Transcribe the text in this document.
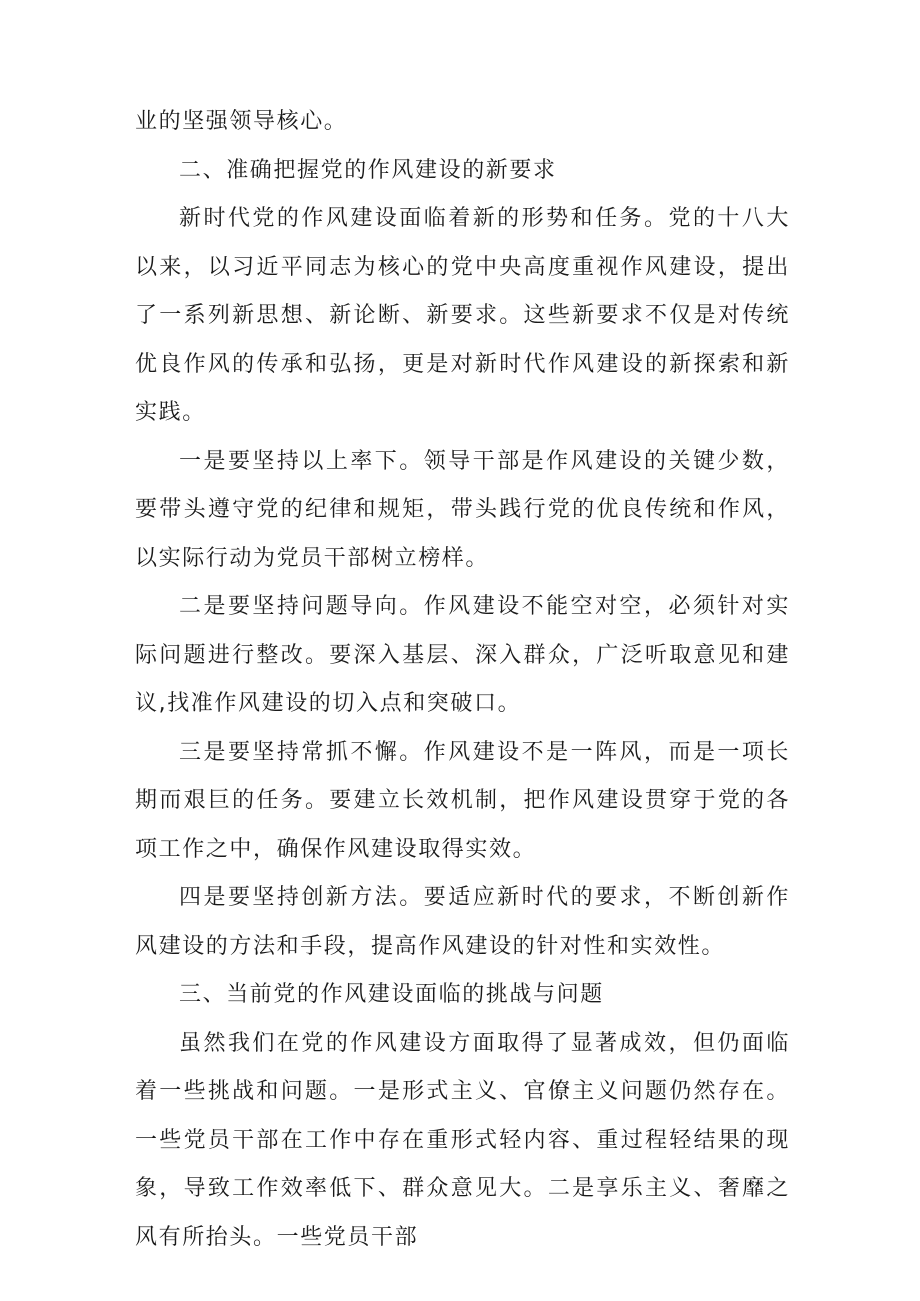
业的坚强领导核心。

二、准确把握党的作风建设的新要求

新时代党的作风建设面临着新的形势和任务。党的十八大以来，以习近平同志为核心的党中央高度重视作风建设，提出了一系列新思想、新论断、新要求。这些新要求不仅是对传统优良作风的传承和弘扬，更是对新时代作风建设的新探索和新实践。

一是要坚持以上率下。领导干部是作风建设的关键少数，要带头遵守党的纪律和规矩，带头践行党的优良传统和作风，以实际行动为党员干部树立榜样。

二是要坚持问题导向。作风建设不能空对空，必须针对实际问题进行整改。要深入基层、深入群众，广泛听取意见和建议,找准作风建设的切入点和突破口。

三是要坚持常抓不懈。作风建设不是一阵风，而是一项长期而艰巨的任务。要建立长效机制，把作风建设贯穿于党的各项工作之中，确保作风建设取得实效。

四是要坚持创新方法。要适应新时代的要求，不断创新作风建设的方法和手段，提高作风建设的针对性和实效性。

三、当前党的作风建设面临的挑战与问题

虽然我们在党的作风建设方面取得了显著成效，但仍面临着一些挑战和问题。一是形式主义、官僚主义问题仍然存在。一些党员干部在工作中存在重形式轻内容、重过程轻结果的现象，导致工作效率低下、群众意见大。二是享乐主义、奢靡之风有所抬头。一些党员干部
